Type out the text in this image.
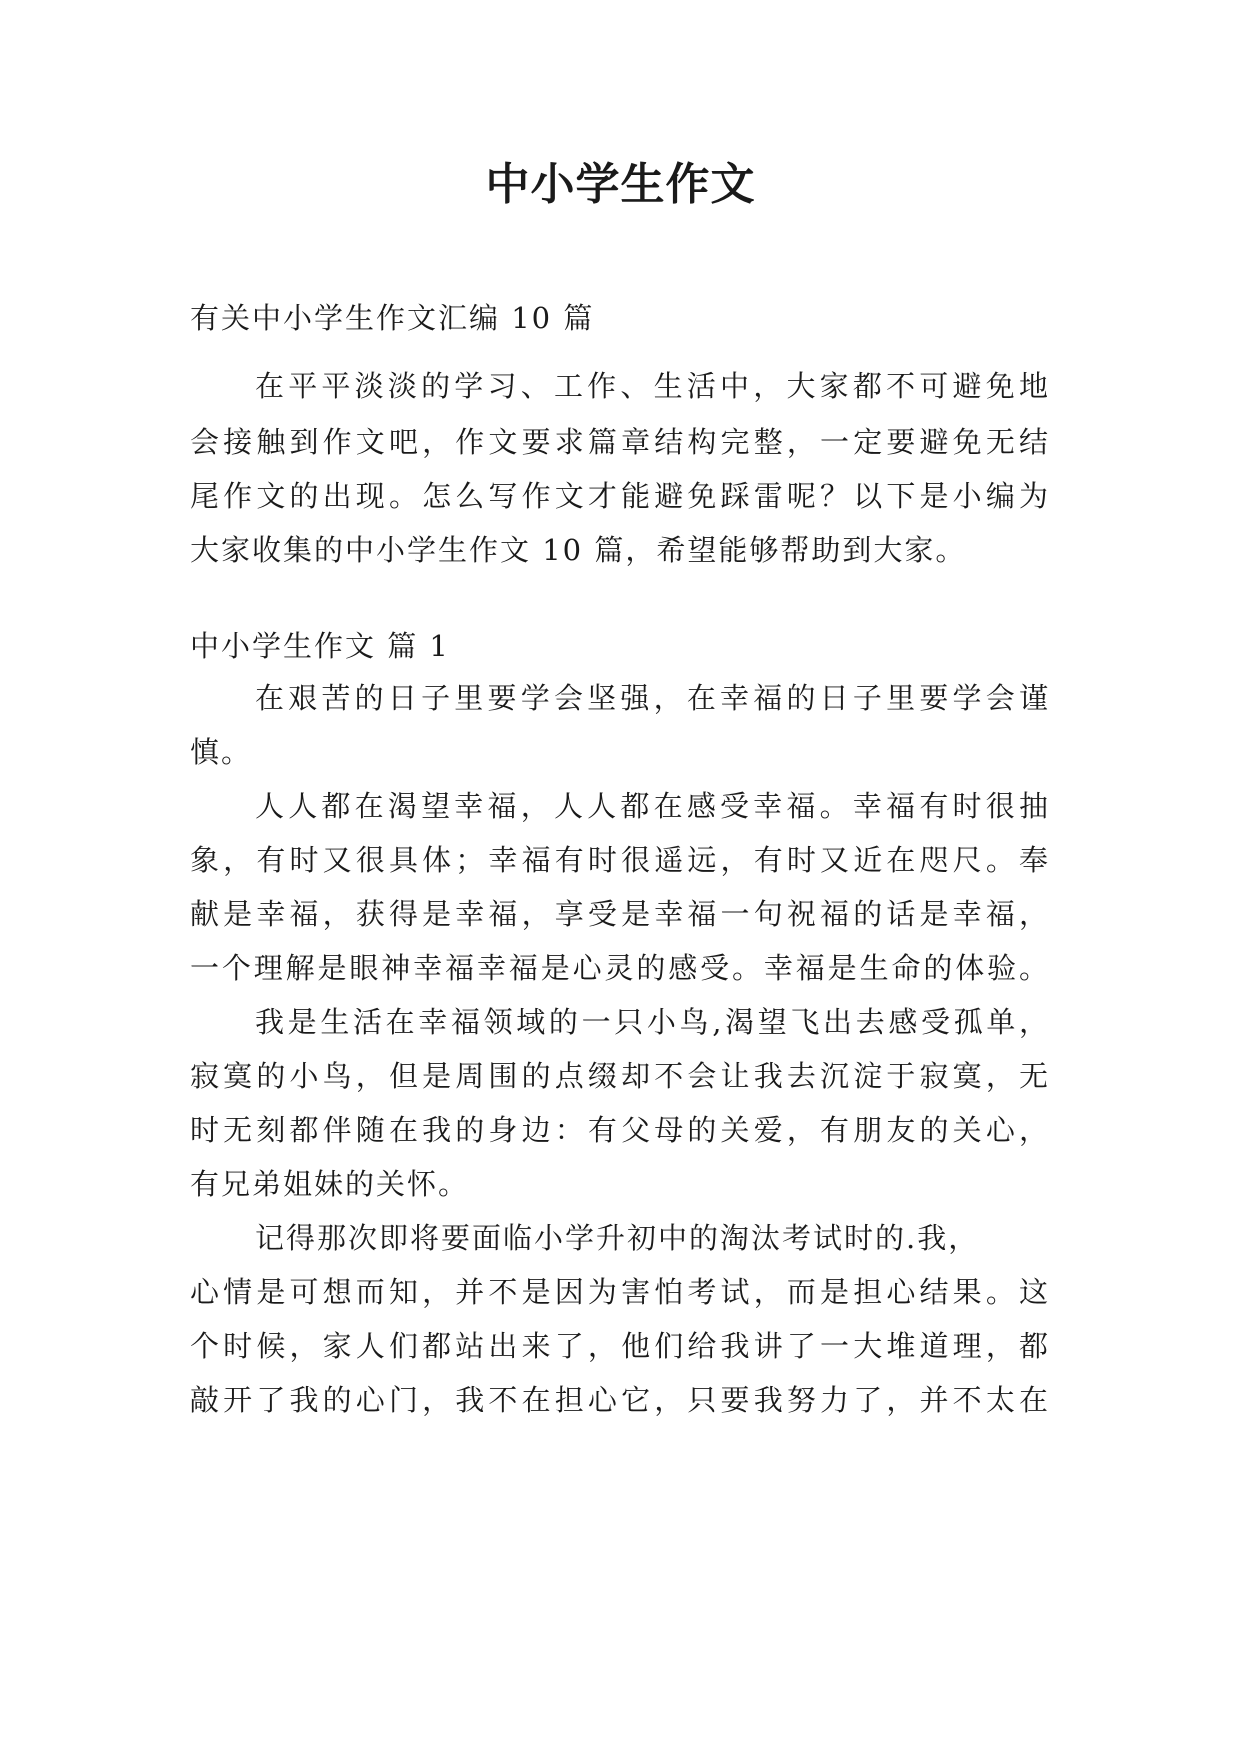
中小学生作文
有关中小学生作文汇编 10 篇
在平平淡淡的学习、工作、生活中，大家都不可避免地
会接触到作文吧，作文要求篇章结构完整，一定要避免无结
尾作文的出现。怎么写作文才能避免踩雷呢？以下是小编为
大家收集的中小学生作文 10 篇，希望能够帮助到大家。
中小学生作文 篇 1
在艰苦的日子里要学会坚强，在幸福的日子里要学会谨
慎。
人人都在渴望幸福，人人都在感受幸福。幸福有时很抽
象，有时又很具体；幸福有时很遥远，有时又近在咫尺。奉
献是幸福，获得是幸福，享受是幸福一句祝福的话是幸福，
一个理解是眼神幸福幸福是心灵的感受。幸福是生命的体验。
我是生活在幸福领域的一只小鸟,渴望飞出去感受孤单，
寂寞的小鸟，但是周围的点缀却不会让我去沉淀于寂寞，无
时无刻都伴随在我的身边：有父母的关爱，有朋友的关心，
有兄弟姐妹的关怀。
记得那次即将要面临小学升初中的淘汰考试时的.我，
心情是可想而知，并不是因为害怕考试，而是担心结果。这
个时候，家人们都站出来了，他们给我讲了一大堆道理，都
敲开了我的心门，我不在担心它，只要我努力了，并不太在
